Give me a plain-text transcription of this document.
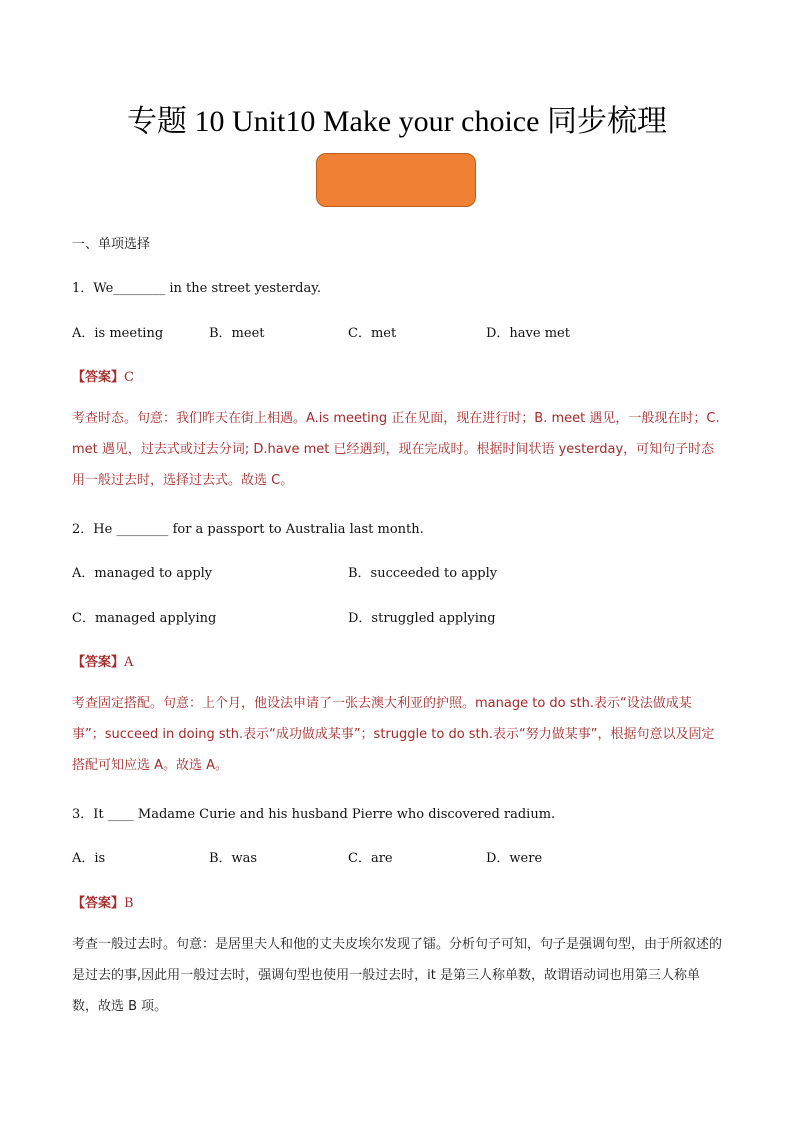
专题 10 Unit10 Make your choice 同步梳理
一、单项选择
1．We________ in the street yesterday.
A．is meeting	B．meet	C．met	D．have met
【答案】C
考查时态。句意：我们昨天在街上相遇。A.is meeting 正在见面，现在进行时；B. meet 遇见，一般现在时；C. met 遇见，过去式或过去分词; D.have met 已经遇到，现在完成时。根据时间状语 yesterday，可知句子时态用一般过去时，选择过去式。故选 C。
2．He ________ for a passport to Australia last month.
A．managed to apply	B．succeeded to apply
C．managed applying	D．struggled applying
【答案】A
考查固定搭配。句意：上个月，他设法申请了一张去澳大利亚的护照。manage to do sth.表示“设法做成某事”；succeed in doing sth.表示“成功做成某事”；struggle to do sth.表示“努力做某事”，根据句意以及固定搭配可知应选 A。故选 A。
3．It ____ Madame Curie and his husband Pierre who discovered radium.
A．is	B．was	C．are	D．were
【答案】B
考查一般过去时。句意：是居里夫人和他的丈夫皮埃尔发现了镭。分析句子可知，句子是强调句型，由于所叙述的是过去的事,因此用一般过去时，强调句型也使用一般过去时，it 是第三人称单数，故谓语动词也用第三人称单数，故选 B 项。
